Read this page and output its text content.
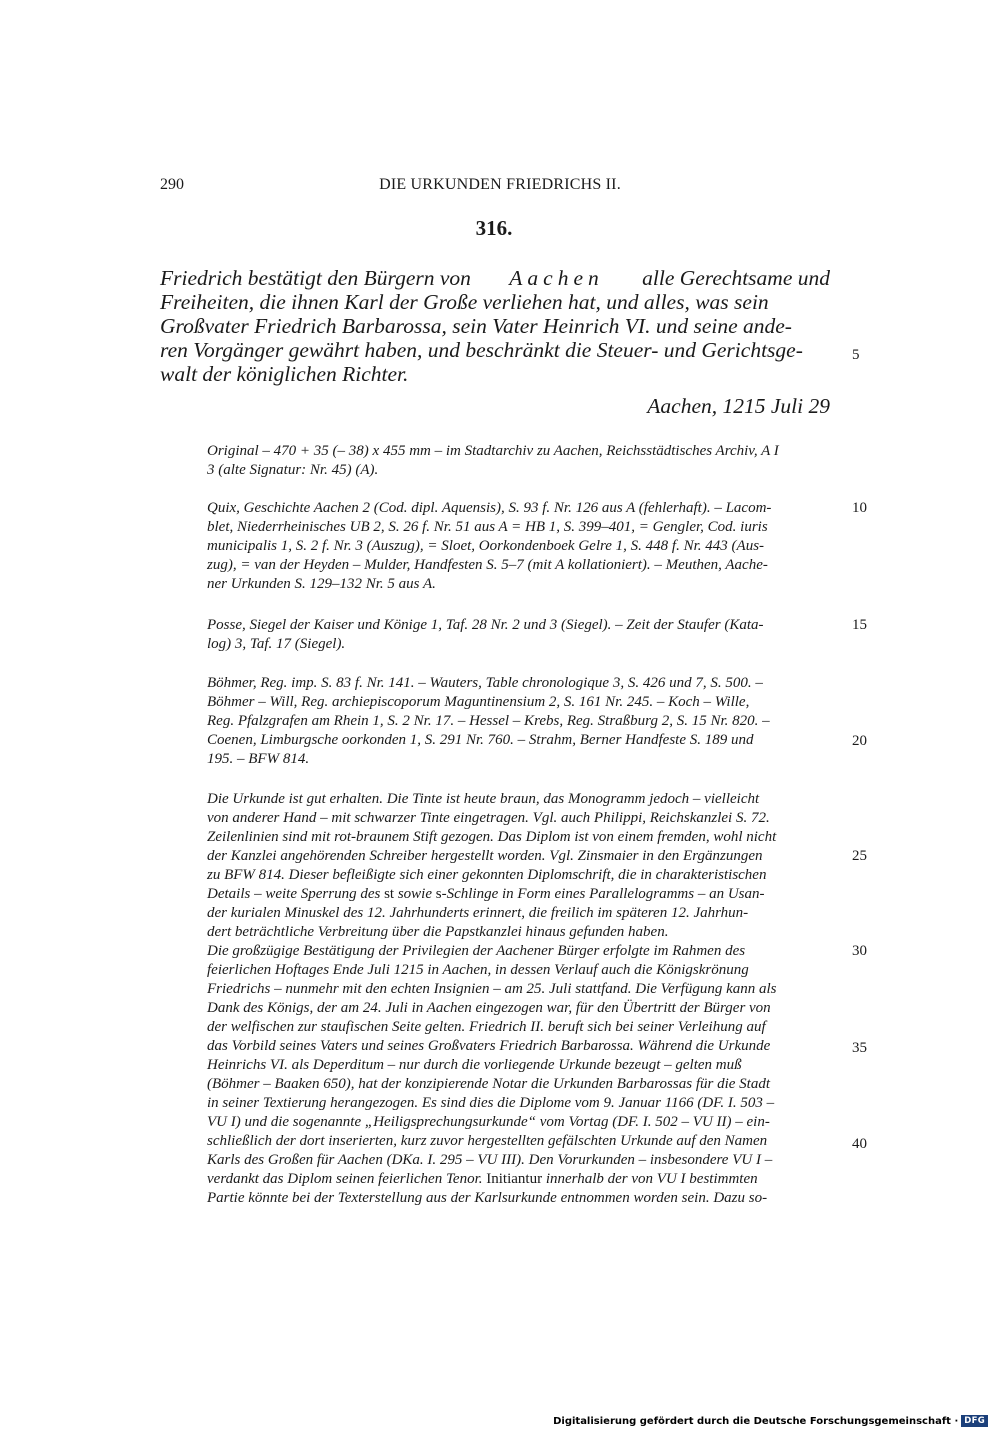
290	DIE URKUNDEN FRIEDRICHS II.
316.
Friedrich bestätigt den Bürgern von Aachen alle Gerechtsame und
Freiheiten, die ihnen Karl der Große verliehen hat, und alles, was sein
Großvater Friedrich Barbarossa, sein Vater Heinrich VI. und seine ande-
ren Vorgänger gewährt haben, und beschränkt die Steuer- und Gerichtsge-
walt der königlichen Richter.
Aachen, 1215 Juli 29
Original – 470 + 35 (– 38) x 455 mm – im Stadtarchiv zu Aachen, Reichsstädtisches Archiv, A I
3 (alte Signatur: Nr. 45) (A).
Quix, Geschichte Aachen 2 (Cod. dipl. Aquensis), S. 93 f. Nr. 126 aus A (fehlerhaft). – Lacom-
blet, Niederrheinisches UB 2, S. 26 f. Nr. 51 aus A = HB 1, S. 399–401, = Gengler, Cod. iuris
municipalis 1, S. 2 f. Nr. 3 (Auszug), = Sloet, Oorkondenboek Gelre 1, S. 448 f. Nr. 443 (Aus-
zug), = van der Heyden – Mulder, Handfesten S. 5–7 (mit A kollationiert). – Meuthen, Aache-
ner Urkunden S. 129–132 Nr. 5 aus A.
Posse, Siegel der Kaiser und Könige 1, Taf. 28 Nr. 2 und 3 (Siegel). – Zeit der Staufer (Kata-
log) 3, Taf. 17 (Siegel).
Böhmer, Reg. imp. S. 83 f. Nr. 141. – Wauters, Table chronologique 3, S. 426 und 7, S. 500. –
Böhmer – Will, Reg. archiepiscoporum Maguntinensium 2, S. 161 Nr. 245. – Koch – Wille,
Reg. Pfalzgrafen am Rhein 1, S. 2 Nr. 17. – Hessel – Krebs, Reg. Straßburg 2, S. 15 Nr. 820. –
Coenen, Limburgsche oorkonden 1, S. 291 Nr. 760. – Strahm, Berner Handfeste S. 189 und
195. – BFW 814.
Die Urkunde ist gut erhalten. Die Tinte ist heute braun, das Monogramm jedoch – vielleicht
von anderer Hand – mit schwarzer Tinte eingetragen. Vgl. auch Philippi, Reichskanzlei S. 72.
Zeilenlinien sind mit rot-braunem Stift gezogen. Das Diplom ist von einem fremden, wohl nicht
der Kanzlei angehörenden Schreiber hergestellt worden. Vgl. Zinsmaier in den Ergänzungen
zu BFW 814. Dieser befleißigte sich einer gekonnten Diplomschrift, die in charakteristischen
Details – weite Sperrung des st sowie s-Schlinge in Form eines Parallelogramms – an Usan-
der kurialen Minuskel des 12. Jahrhunderts erinnert, die freilich im späteren 12. Jahrhun-
dert beträchtliche Verbreitung über die Papstkanzlei hinaus gefunden haben.
Die großzügige Bestätigung der Privilegien der Aachener Bürger erfolgte im Rahmen des
feierlichen Hoftages Ende Juli 1215 in Aachen, in dessen Verlauf auch die Königskrönung
Friedrichs – nunmehr mit den echten Insignien – am 25. Juli stattfand. Die Verfügung kann als
Dank des Königs, der am 24. Juli in Aachen eingezogen war, für den Übertritt der Bürger von
der welfischen zur staufischen Seite gelten. Friedrich II. beruft sich bei seiner Verleihung auf
das Vorbild seines Vaters und seines Großvaters Friedrich Barbarossa. Während die Urkunde
Heinrichs VI. als Deperditum – nur durch die vorliegende Urkunde bezeugt – gelten muß
(Böhmer – Baaken 650), hat der konzipierende Notar die Urkunden Barbarossas für die Stadt
in seiner Textierung herangezogen. Es sind dies die Diplome vom 9. Januar 1166 (DF. I. 503 –
VU I) und die sogenannte „Heiligsprechungsurkunde“ vom Vortag (DF. I. 502 – VU II) – ein-
schließlich der dort inserierten, kurz zuvor hergestellten gefälschten Urkunde auf den Namen
Karls des Großen für Aachen (DKa. I. 295 – VU III). Den Vorurkunden – insbesondere VU I –
verdankt das Diplom seinen feierlichen Tenor. Initiantur innerhalb der von VU I bestimmten
Partie könnte bei der Texterstellung aus der Karlsurkunde entnommen worden sein. Dazu so-
5
10
15
20
25
30
35
40
Digitalisierung gefördert durch die Deutsche Forschungsgemeinschaft · DFG
